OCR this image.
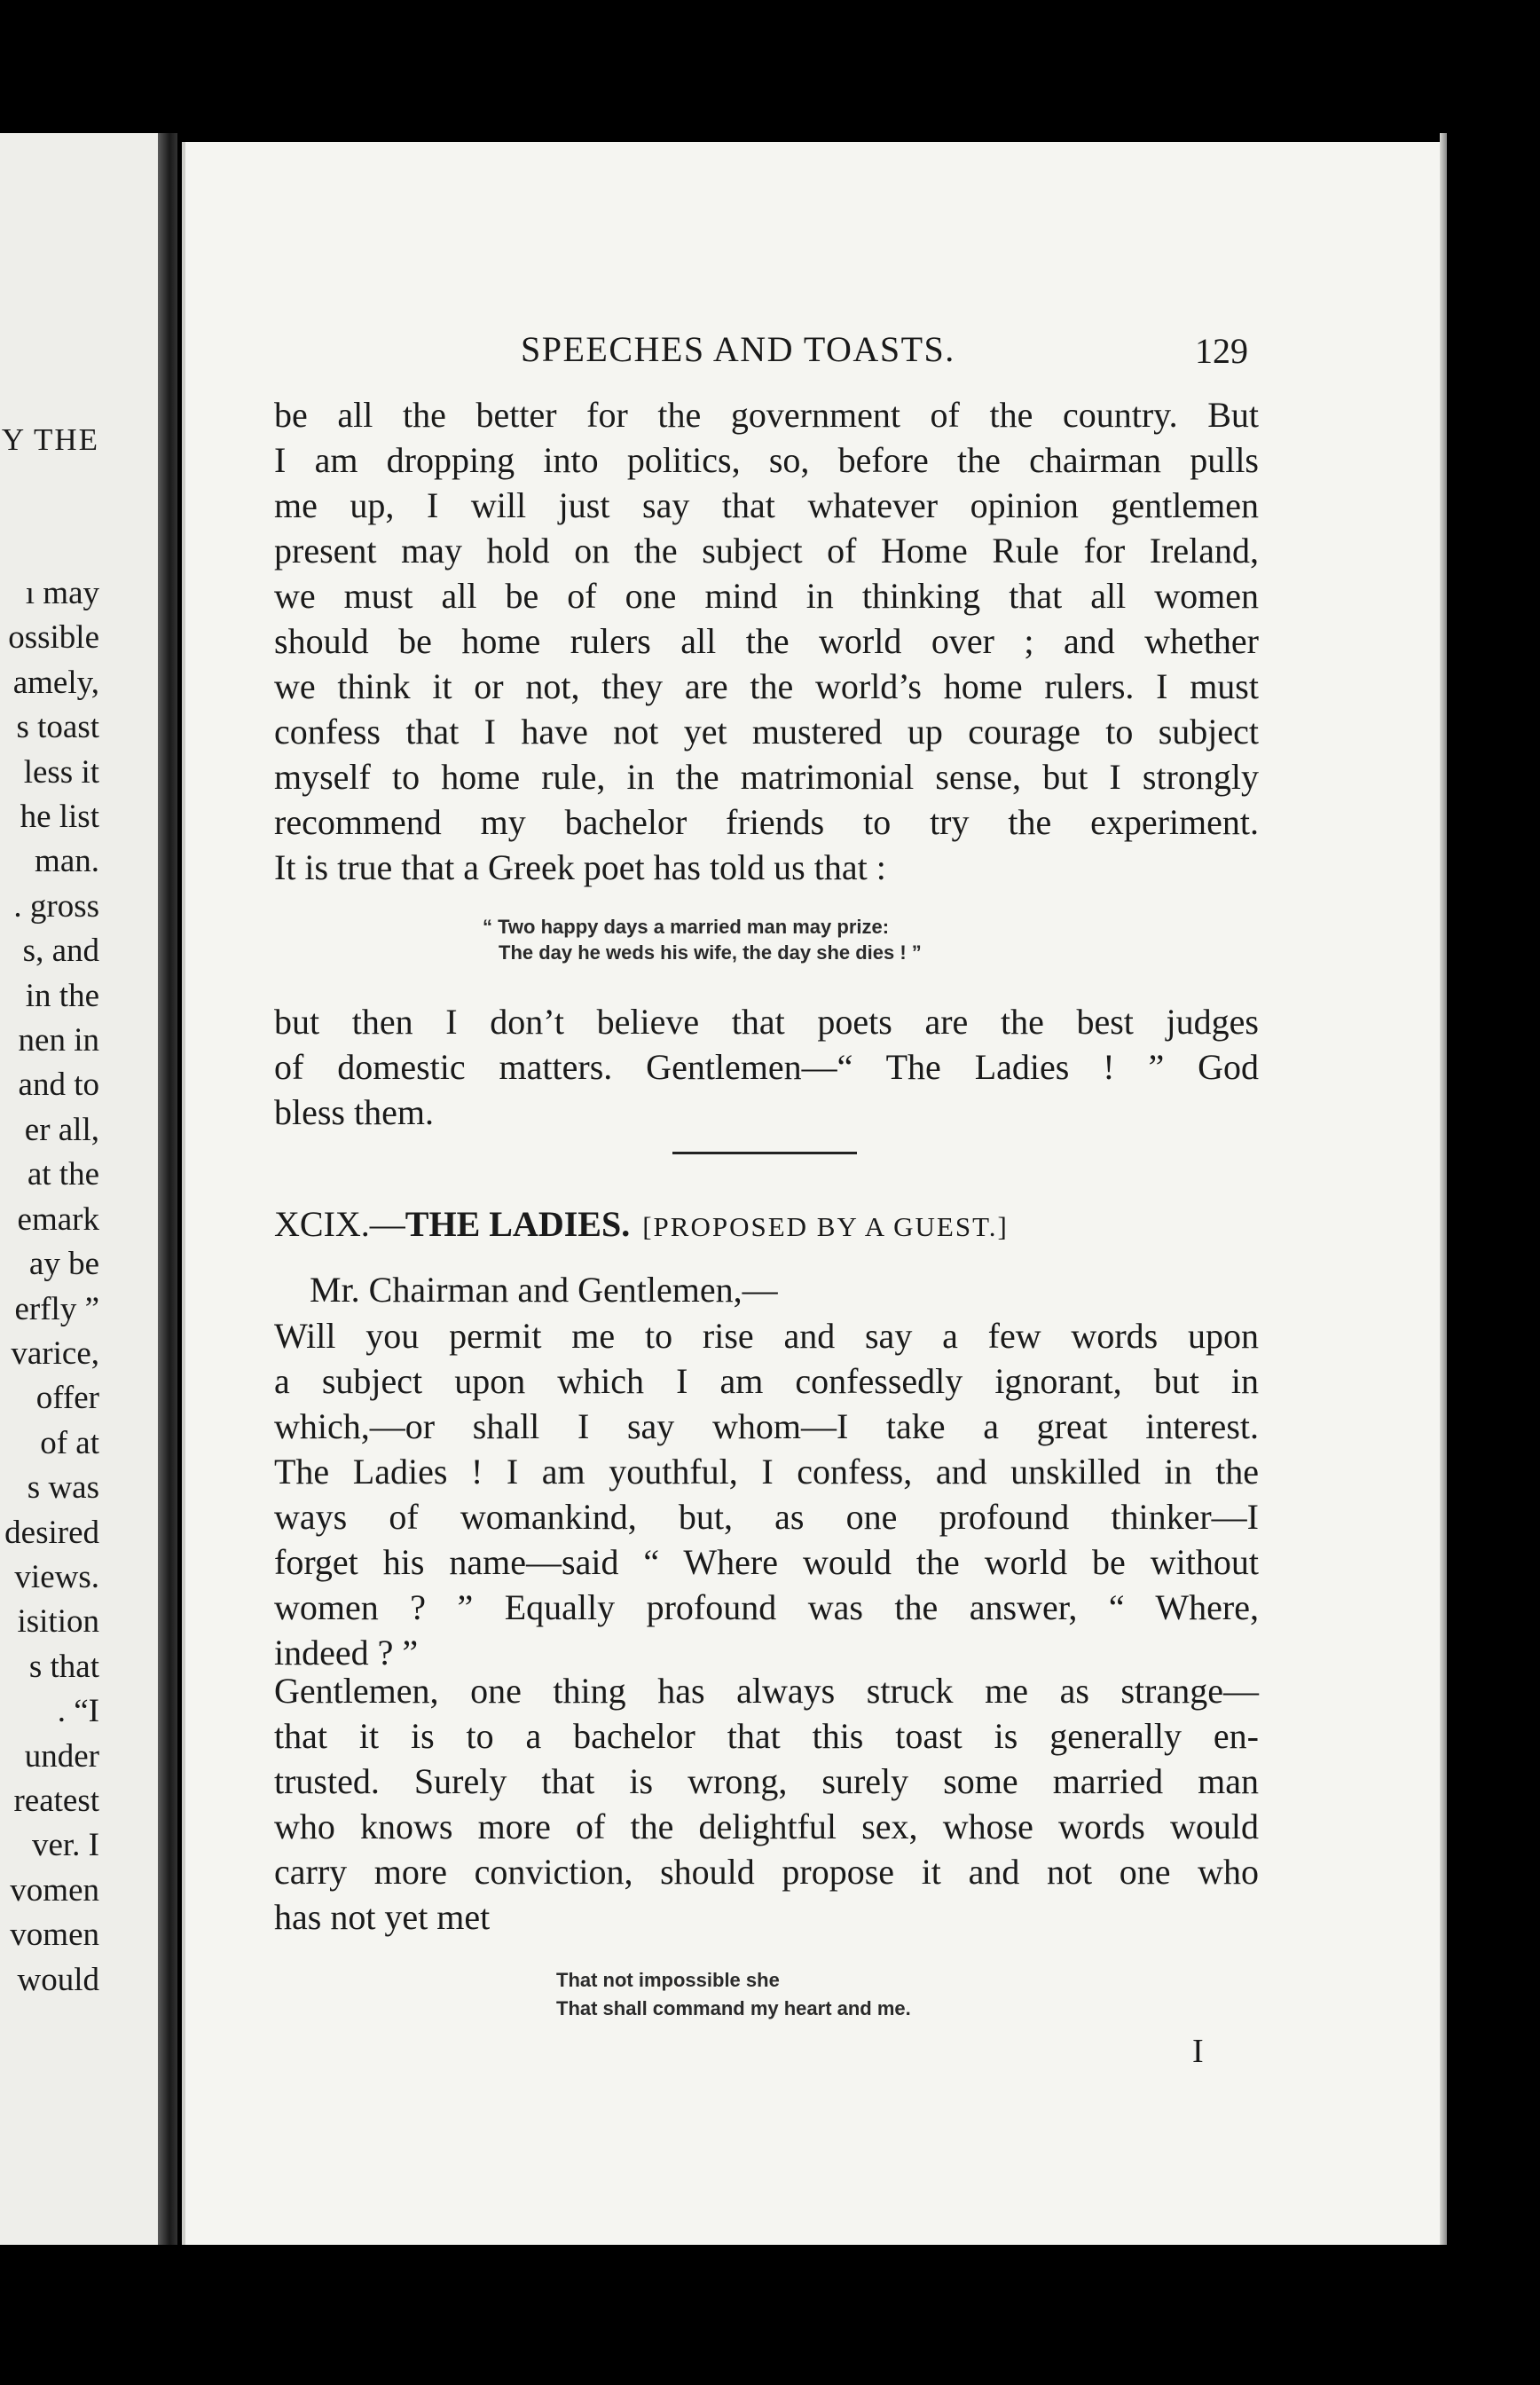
Y THE
ı may
ossible
amely,
s toast
less it
he list
man.
. gross
s, and
in the
nen in
and to
er all,
at the
emark
ay be
erfly ”
varice,
offer
of at
s was
desired
views.
isition
s that
. “I
under
reatest
ver. I
vomen
vomen
would
SPEECHES AND TOASTS.	129
be all the better for the government of the country. But
I am dropping into politics, so, before the chairman pulls
me up, I will just say that whatever opinion gentlemen
present may hold on the subject of Home Rule for Ireland,
we must all be of one mind in thinking that all women
should be home rulers all the world over ; and whether
we think it or not, they are the world’s home rulers. I must
confess that I have not yet mustered up courage to subject
myself to home rule, in the matrimonial sense, but I strongly
recommend my bachelor friends to try the experiment.
It is true that a Greek poet has told us that :
“ Two happy days a married man may prize:
The day he weds his wife, the day she dies ! ”
but then I don’t believe that poets are the best judges
of domestic matters. Gentlemen—“ The Ladies ! ” God
bless them.
XCIX.—THE LADIES. [PROPOSED BY A GUEST.]
Mr. Chairman and Gentlemen,—
Will you permit me to rise and say a few words upon
a subject upon which I am confessedly ignorant, but in
which,—or shall I say whom—I take a great interest.
The Ladies ! I am youthful, I confess, and unskilled in the
ways of womankind, but, as one profound thinker—I
forget his name—said “ Where would the world be without
women ? ” Equally profound was the answer, “ Where,
indeed ? ”
Gentlemen, one thing has always struck me as strange—
that it is to a bachelor that this toast is generally en-
trusted. Surely that is wrong, surely some married man
who knows more of the delightful sex, whose words would
carry more conviction, should propose it and not one who
has not yet met
That not impossible she
That shall command my heart and me.
I
